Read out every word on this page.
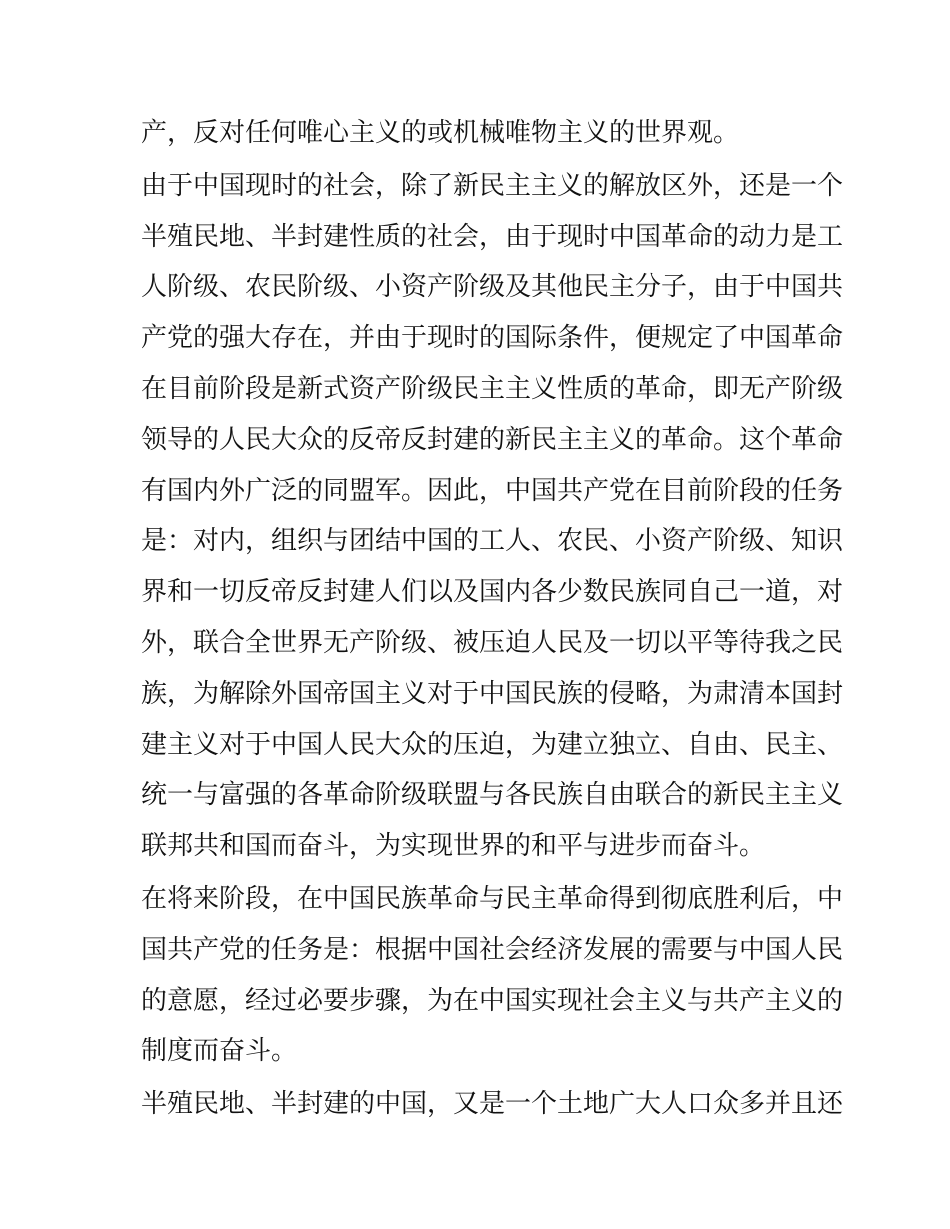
产，反对任何唯心主义的或机械唯物主义的世界观。
由于中国现时的社会，除了新民主主义的解放区外，还是一个
半殖民地、半封建性质的社会，由于现时中国革命的动力是工
人阶级、农民阶级、小资产阶级及其他民主分子，由于中国共
产党的强大存在，并由于现时的国际条件，便规定了中国革命
在目前阶段是新式资产阶级民主主义性质的革命，即无产阶级
领导的人民大众的反帝反封建的新民主主义的革命。这个革命
有国内外广泛的同盟军。因此，中国共产党在目前阶段的任务
是：对内，组织与团结中国的工人、农民、小资产阶级、知识
界和一切反帝反封建人们以及国内各少数民族同自己一道，对
外，联合全世界无产阶级、被压迫人民及一切以平等待我之民
族，为解除外国帝国主义对于中国民族的侵略，为肃清本国封
建主义对于中国人民大众的压迫，为建立独立、自由、民主、
统一与富强的各革命阶级联盟与各民族自由联合的新民主主义
联邦共和国而奋斗，为实现世界的和平与进步而奋斗。
在将来阶段，在中国民族革命与民主革命得到彻底胜利后，中
国共产党的任务是：根据中国社会经济发展的需要与中国人民
的意愿，经过必要步骤，为在中国实现社会主义与共产主义的
制度而奋斗。
半殖民地、半封建的中国，又是一个土地广大人口众多并且还
